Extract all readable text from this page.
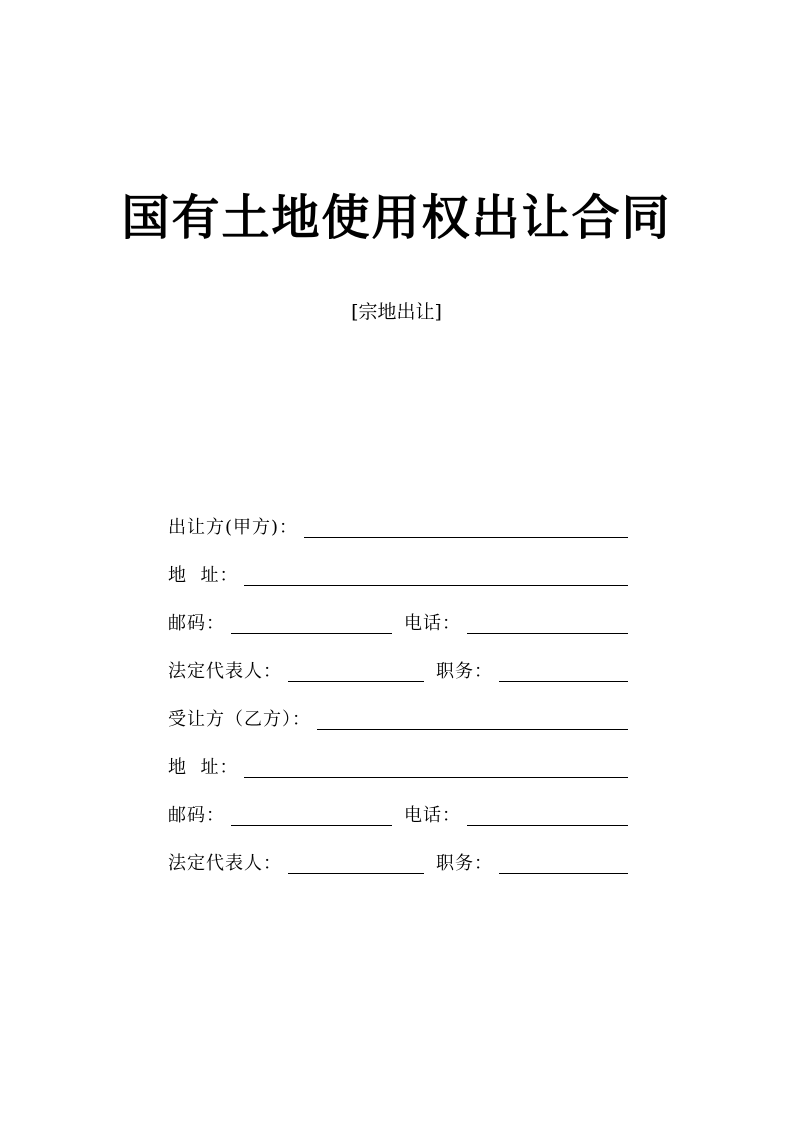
国有土地使用权出让合同
[宗地出让]
出让方(甲方)：
地  址：
邮码：	电话：
法定代表人：	职务：
受让方（乙方）：
地  址：
邮码：	电话：
法定代表人：	职务：
